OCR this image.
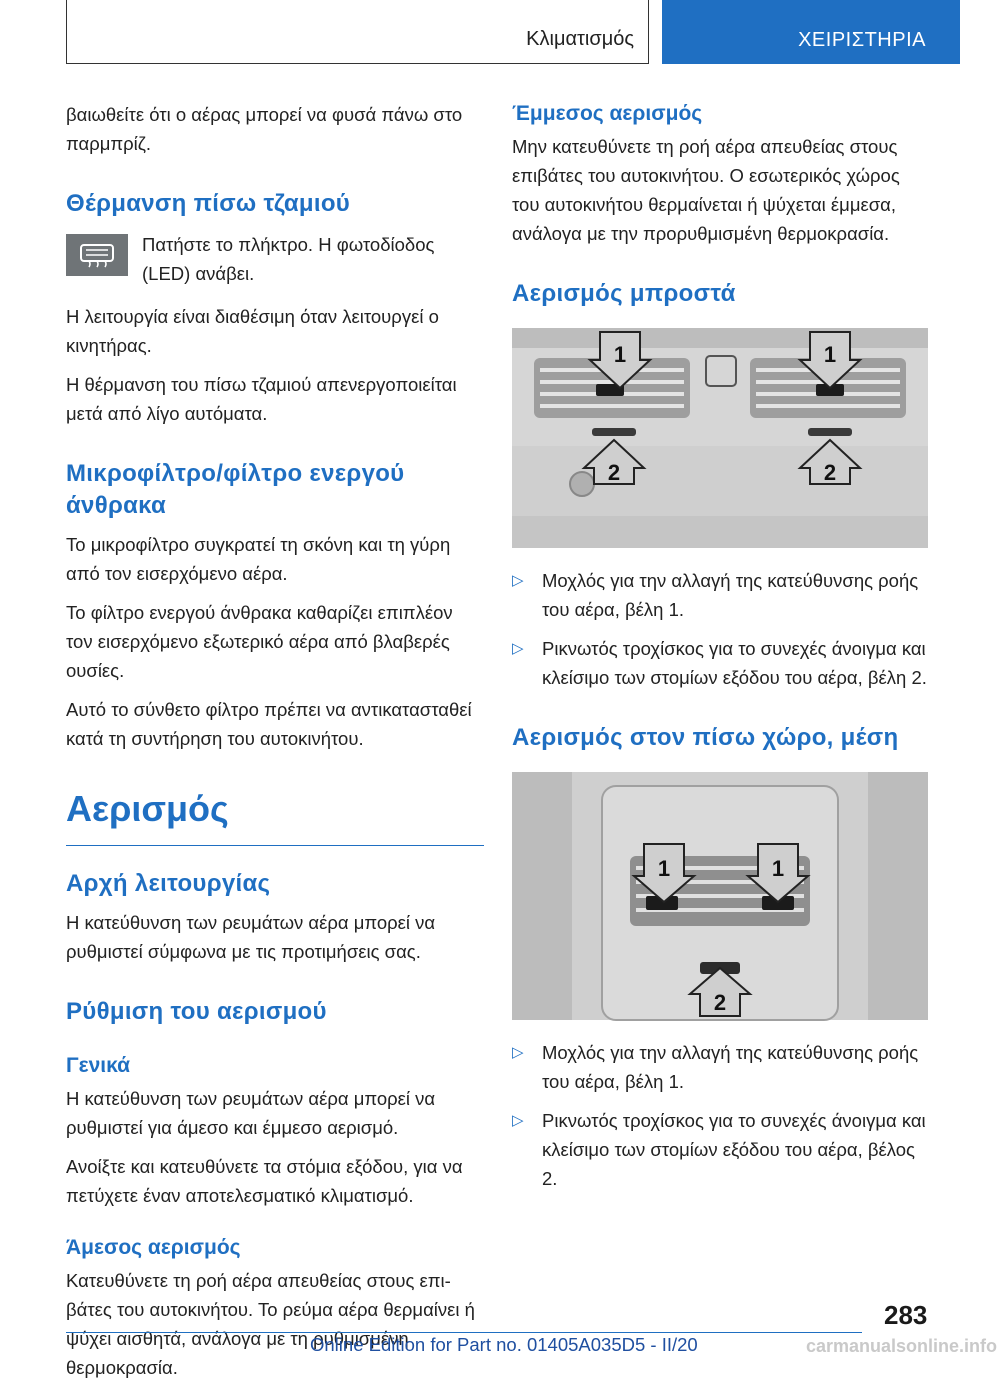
Κλιματισμός	ΧΕΙΡΙΣΤΗΡΙΑ

βαιωθείτε ότι ο αέρας μπορεί να φυσά πάνω στο παρμπρίζ.

Θέρμανση πίσω τζαμιού

Πατήστε το πλήκτρο. Η φωτοδίοδος (LED) ανάβει.

Η λειτουργία είναι διαθέσιμη όταν λειτουργεί ο κινητήρας.

Η θέρμανση του πίσω τζαμιού απενεργοποιείται μετά από λίγο αυτόματα.

Μικροφίλτρο/φίλτρο ενεργού άνθρακα

Το μικροφίλτρο συγκρατεί τη σκόνη και τη γύρη από τον εισερχόμενο αέρα.

Το φίλτρο ενεργού άνθρακα καθαρίζει επιπλέον τον εισερχόμενο εξωτερικό αέρα από βλαβερές ουσίες.

Αυτό το σύνθετο φίλτρο πρέπει να αντικατασταθεί κατά τη συντήρηση του αυτοκινήτου.

Αερισμός
Αρχή λειτουργίας

Η κατεύθυνση των ρευμάτων αέρα μπορεί να ρυθμιστεί σύμφωνα με τις προτιμήσεις σας.

Ρύθμιση του αερισμού
Γενικά

Η κατεύθυνση των ρευμάτων αέρα μπορεί να ρυθμιστεί για άμεσο και έμμεσο αερισμό.

Ανοίξτε και κατευθύνετε τα στόμια εξόδου, για να πετύχετε έναν αποτελεσματικό κλιματισμό.

Άμεσος αερισμός

Κατευθύνετε τη ροή αέρα απευθείας στους επιβάτες του αυτοκινήτου. Το ρεύμα αέρα θερμαίνει ή ψύχει αισθητά, ανάλογα με τη ρυθμισμένη θερμοκρασία.

Έμμεσος αερισμός

Μην κατευθύνετε τη ροή αέρα απευθείας στους επιβάτες του αυτοκινήτου. Ο εσωτερικός χώρος του αυτοκινήτου θερμαίνεται ή ψύχεται έμμεσα, ανάλογα με την προρυθμισμένη θερμοκρασία.

Αερισμός μπροστά
1	1
2	2
▷ Μοχλός για την αλλαγή της κατεύθυνσης ροής του αέρα, βέλη 1.

▷ Ρικνωτός τροχίσκος για το συνεχές άνοιγμα και κλείσιμο των στομίων εξόδου του αέρα, βέλη 2.

Αερισμός στον πίσω χώρο, μέση
1	1
2
▷ Μοχλός για την αλλαγή της κατεύθυνσης ροής του αέρα, βέλη 1.

▷ Ρικνωτός τροχίσκος για το συνεχές άνοιγμα και κλείσιμο των στομίων εξόδου του αέρα, βέλος 2.

283
Online Edition for Part no. 01405A035D5 - II/20	carmanualsonline.info
